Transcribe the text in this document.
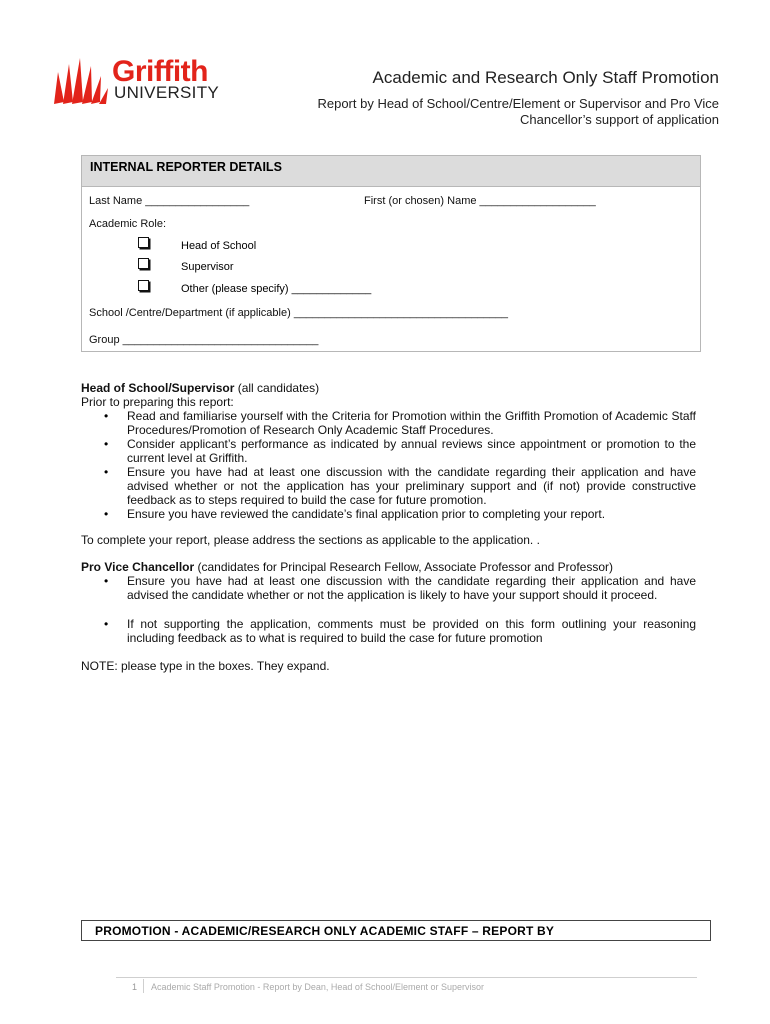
Griffith
UNIVERSITY
Academic and Research Only Staff Promotion
Report by Head of School/Centre/Element or Supervisor and Pro Vice
Chancellor’s support of application
INTERNAL REPORTER DETAILS
Last Name _________________	First (or chosen) Name ___________________
Academic Role:
Head of School
Supervisor
Other (please specify) _____________
School /Centre/Department (if applicable) ___________________________________
Group ________________________________
Head of School/Supervisor (all candidates)
Prior to preparing this report:
• Read and familiarise yourself with the Criteria for Promotion within the Griffith Promotion of Academic Staff Procedures/Promotion of Research Only Academic Staff Procedures.
• Consider applicant’s performance as indicated by annual reviews since appointment or promotion to the current level at Griffith.
• Ensure you have had at least one discussion with the candidate regarding their application and have advised whether or not the application has your preliminary support and (if not) provide constructive feedback as to steps required to build the case for future promotion.
• Ensure you have reviewed the candidate’s final application prior to completing your report.
To complete your report, please address the sections as applicable to the application. .
Pro Vice Chancellor (candidates for Principal Research Fellow, Associate Professor and Professor)
• Ensure you have had at least one discussion with the candidate regarding their application and have advised the candidate whether or not the application is likely to have your support should it proceed.
• If not supporting the application, comments must be provided on this form outlining your reasoning including feedback as to what is required to build the case for future promotion
NOTE: please type in the boxes. They expand.
PROMOTION - ACADEMIC/RESEARCH ONLY ACADEMIC STAFF – REPORT BY
1 Academic Staff Promotion - Report by Dean, Head of School/Element or Supervisor
